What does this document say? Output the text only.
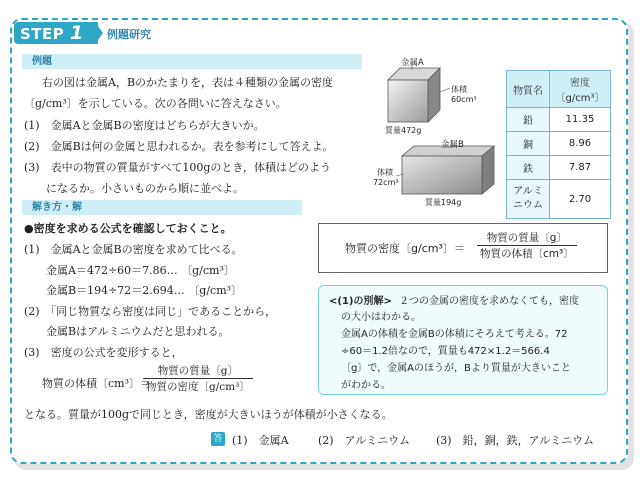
STEP 1	例題研究
例題
右の図は金属A，Bのかたまりを，表は４種類の金属の密度
〔g/cm³〕を示している。次の各問いに答えなさい。
(1)　金属Aと金属Bの密度はどちらが大きいか。
(2)　金属Bは何の金属と思われるか。表を参考にして答えよ。
(3)　表中の物質の質量がすべて100gのとき，体積はどのよう
になるか。小さいものから順に並べよ。
金属A
体積
60cm³
質量472g
金属B
体積
72cm³
質量194g
物質名	密度
〔g/cm³〕

鉛	11.35
銅	8.96
鉄	7.87

アルミ
ニウム	2.70
解き方・解
●密度を求める公式を確認しておくこと。
(1)　金属Aと金属Bの密度を求めて比べる。
金属A＝472÷60＝7.86… 〔g/cm³〕
金属B＝194÷72＝2.694… 〔g/cm³〕
(2)　「同じ物質なら密度は同じ」であることから，
金属Bはアルミニウムだと思われる。
(3)　密度の公式を変形すると，
物質の体積〔cm³〕＝
物質の質量〔g〕
物質の密度〔g/cm³〕
となる。質量が100gで同じとき，密度が大きいほうが体積が小さくなる。
物質の密度〔g/cm³〕＝
物質の質量〔g〕
物質の体積〔cm³〕
<(1)の別解> ２つの金属の密度を求めなくても，密度
の大小はわかる。
金属Aの体積を金属Bの体積にそろえて考える。72
÷60＝1.2倍なので，質量も472×1.2＝566.4
〔g〕で，金属Aのほうが，Bより質量が大きいこと
がわかる。
答 (1)　金属A	(2)　アルミニウム (3)　鉛，銅，鉄，アルミニウム
